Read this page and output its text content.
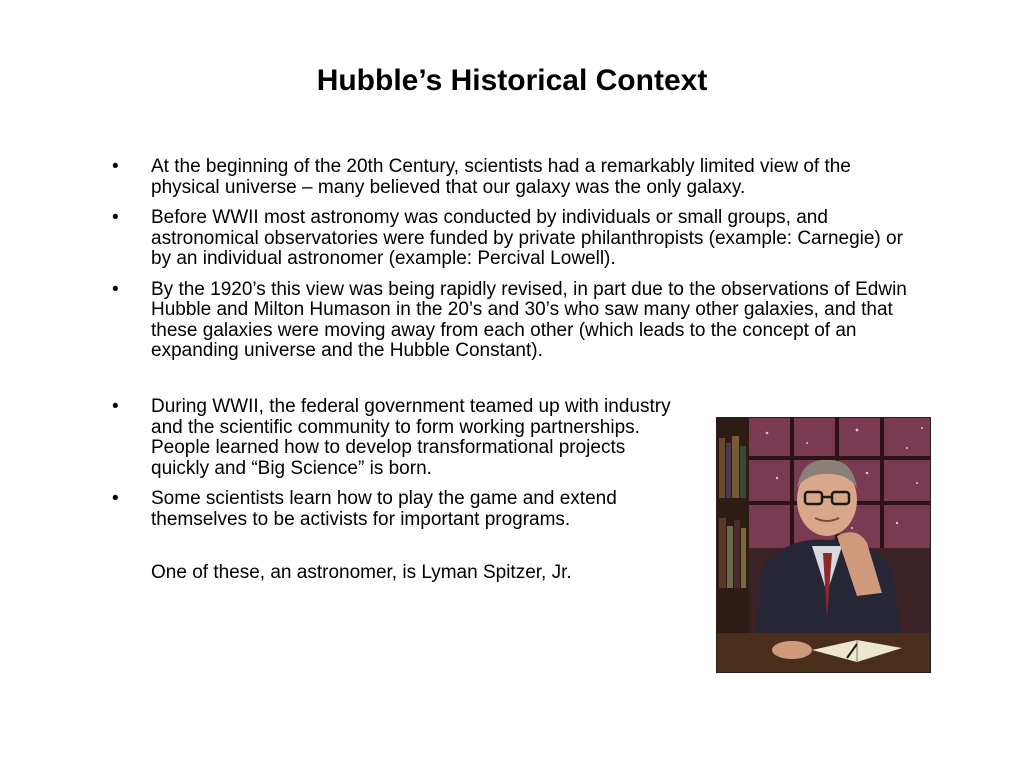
Hubble’s Historical Context
• At the beginning of the 20th Century, scientists had a remarkably limited view of the physical universe – many believed that our galaxy was the only galaxy.
• Before WWII most astronomy was conducted by individuals or small groups, and astronomical observatories were funded by private philanthropists (example: Carnegie) or by an individual astronomer (example: Percival Lowell).
• By the 1920’s this view was being rapidly revised, in part due to the observations of Edwin Hubble and Milton Humason in the 20’s and 30’s who saw many other galaxies, and that these galaxies were moving away from each other (which leads to the concept of an expanding universe and the Hubble Constant).
• During WWII, the federal government teamed up with industry and the scientific community to form working partnerships. People learned how to develop transformational projects quickly and “Big Science” is born.
• Some scientists learn how to play the game and extend themselves to be activists for important programs.

One of these, an astronomer, is Lyman Spitzer, Jr.
